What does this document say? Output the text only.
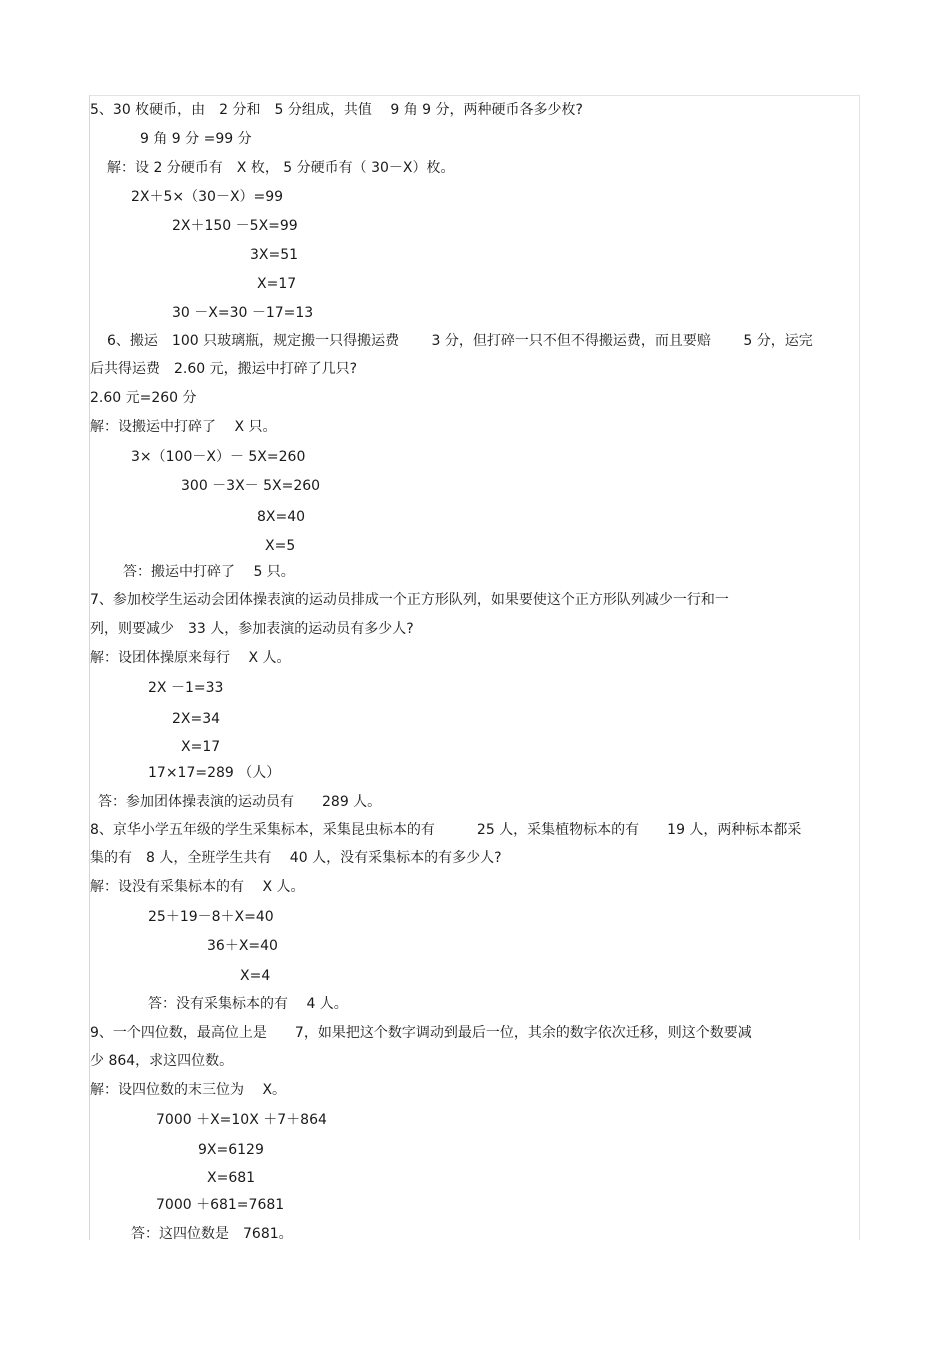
5、30 枚硬币，由　2 分和　5 分组成，共值　 9 角 9 分，两种硬币各多少枚?
9 角 9 分 =99 分
解：设 2 分硬币有　X 枚， 5 分硬币有（ 30－X）枚。
2X＋5×（30－X）=99
2X＋150 －5X=99
3X=51
X=17
30 －X=30 －17=13
6、搬运　100 只玻璃瓶，规定搬一只得搬运费　　 3 分，但打碎一只不但不得搬运费，而且要赔　　 5 分，运完
后共得运费　2.60 元，搬运中打碎了几只?
2.60 元=260 分
解：设搬运中打碎了　 X 只。
3×（100－X）－ 5X=260
300 －3X－ 5X=260
8X=40
X=5
答：搬运中打碎了　 5 只。
7、参加校学生运动会团体操表演的运动员排成一个正方形队列，如果要使这个正方形队列减少一行和一
列，则要减少　33 人，参加表演的运动员有多少人?
解：设团体操原来每行　 X 人。
2X －1=33
2X=34
X=17
17×17=289 （人）
答：参加团体操表演的运动员有　　289 人。
8、京华小学五年级的学生采集标本，采集昆虫标本的有　　　25 人，采集植物标本的有　　19 人，两种标本都采
集的有　8 人，全班学生共有　 40 人，没有采集标本的有多少人?
解：设没有采集标本的有　 X 人。
25＋19－8＋X=40
36＋X=40
X=4
答：没有采集标本的有　 4 人。
9、一个四位数，最高位上是　　7，如果把这个数字调动到最后一位，其余的数字依次迁移，则这个数要减
少 864，求这四位数。
解：设四位数的末三位为　 X。
7000 ＋X=10X ＋7＋864
9X=6129
X=681
7000 ＋681=7681
答：这四位数是　7681。
